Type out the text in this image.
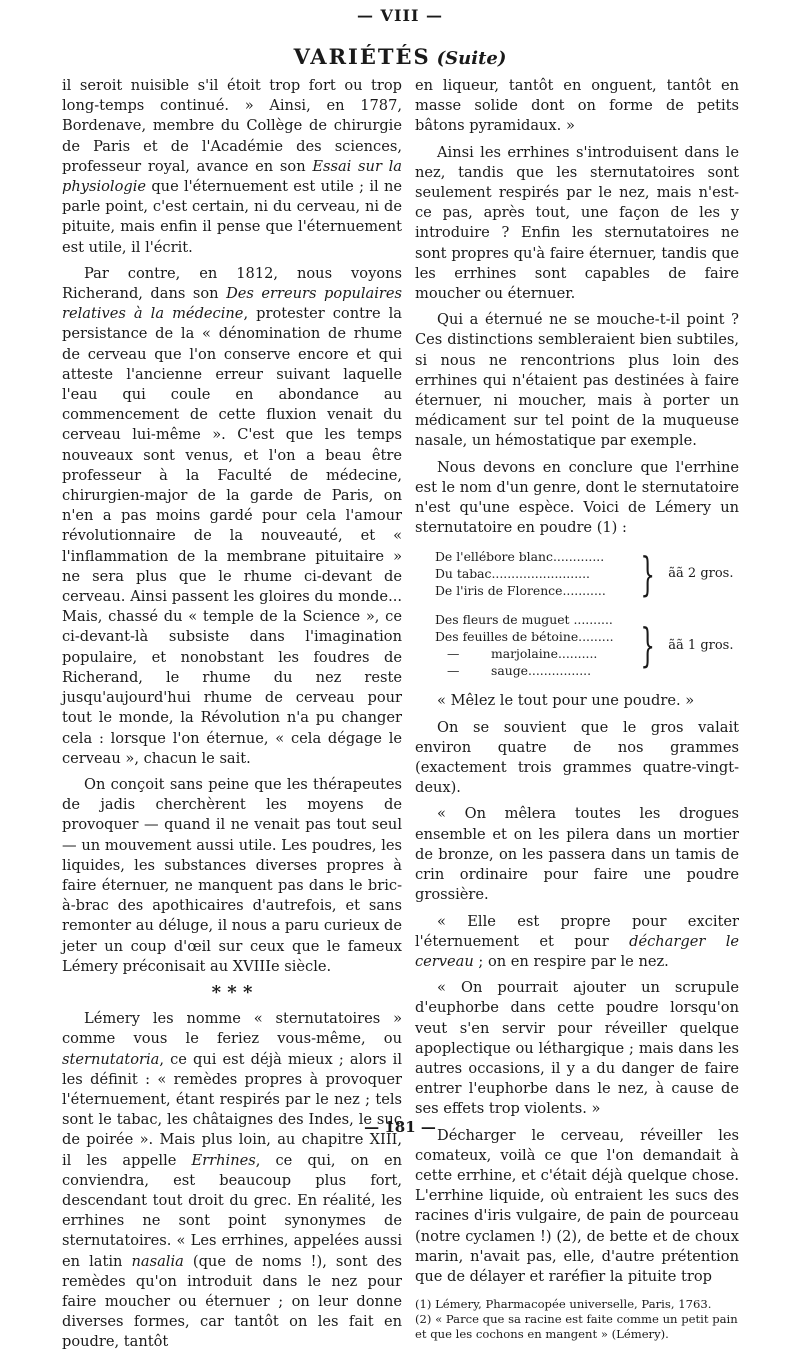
— VIII —
VARIÉTÉS (Suite)

il seroit nuisible s'il étoit trop fort ou trop long-temps continué. » Ainsi, en 1787, Bordenave, membre du Collège de chirurgie de Paris et de l'Académie des sciences, professeur royal, avance en son Essai sur la physiologie que l'éternuement est utile ; il ne parle point, c'est certain, ni du cerveau, ni de pituite, mais enfin il pense que l'éternuement est utile, il l'écrit.

Par contre, en 1812, nous voyons Richerand, dans son Des erreurs populaires relatives à la médecine, protester contre la persistance de la « dénomination de rhume de cerveau que l'on conserve encore et qui atteste l'ancienne erreur suivant laquelle l'eau qui coule en abondance au commencement de cette fluxion venait du cerveau lui-même ». C'est que les temps nouveaux sont venus, et l'on a beau être professeur à la Faculté de médecine, chirurgien-major de la garde de Paris, on n'en a pas moins gardé pour cela l'amour révolutionnaire de la nouveauté, et « l'inflammation de la membrane pituitaire » ne sera plus que le rhume ci-devant de cerveau. Ainsi passent les gloires du monde... Mais, chassé du « temple de la Science », ce ci-devant-là subsiste dans l'imagination populaire, et nonobstant les foudres de Richerand, le rhume du nez reste jusqu'aujourd'hui rhume de cerveau pour tout le monde, la Révolution n'a pu changer cela : lorsque l'on éternue, « cela dégage le cerveau », chacun le sait.

On conçoit sans peine que les thérapeutes de jadis cherchèrent les moyens de provoquer — quand il ne venait pas tout seul — un mouvement aussi utile. Les poudres, les liquides, les substances diverses propres à faire éternuer, ne manquent pas dans le bric-à-brac des apothicaires d'autrefois, et sans remonter au déluge, il nous a paru curieux de jeter un coup d'œil sur ceux que le fameux Lémery préconisait au XVIIIe siècle.

* * *

Lémery les nomme « sternutatoires » comme vous le feriez vous-même, ou sternutatoria, ce qui est déjà mieux ; alors il les définit : « remèdes propres à provoquer l'éternuement, étant respirés par le nez ; tels sont le tabac, les châtaignes des Indes, le suc de poirée ». Mais plus loin, au chapitre XIII, il les appelle Errhines, ce qui, on en conviendra, est beaucoup plus fort, descendant tout droit du grec. En réalité, les errhines ne sont point synonymes de sternutatoires. « Les errhines, appelées aussi en latin nasalia (que de noms !), sont des remèdes qu'on introduit dans le nez pour faire moucher ou éternuer ; on leur donne diverses formes, car tantôt on les fait en poudre, tantôt

en liqueur, tantôt en onguent, tantôt en masse solide dont on forme de petits bâtons pyramidaux. »

Ainsi les errhines s'introduisent dans le nez, tandis que les sternutatoires sont seulement respirés par le nez, mais n'est-ce pas, après tout, une façon de les y introduire ? Enfin les sternutatoires ne sont propres qu'à faire éternuer, tandis que les errhines sont capables de faire moucher ou éternuer.

Qui a éternué ne se mouche-t-il point ? Ces distinctions sembleraient bien subtiles, si nous ne rencontrions plus loin des errhines qui n'étaient pas destinées à faire éternuer, ni moucher, mais à porter un médicament sur tel point de la muqueuse nasale, un hémostatique par exemple.

Nous devons en conclure que l'errhine est le nom d'un genre, dont le sternutatoire n'est qu'une espèce. Voici de Lémery un sternutatoire en poudre (1) :

De l'ellébore blanc.............
Du tabac.........................
De l'iris de Florence........... } ãã 2 gros.
Des fleurs de muguet ..........
Des feuilles de bétoine.........
—	marjolaine..........
—	sauge................	} ãã 1 gros.

« Mêlez le tout pour une poudre. »

On se souvient que le gros valait environ quatre de nos grammes (exactement trois grammes quatre-vingt-deux).

« On mêlera toutes les drogues ensemble et on les pilera dans un mortier de bronze, on les passera dans un tamis de crin ordinaire pour faire une poudre grossière.

« Elle est propre pour exciter l'éternuement et pour décharger le cerveau ; on en respire par le nez.

« On pourrait ajouter un scrupule d'euphorbe dans cette poudre lorsqu'on veut s'en servir pour réveiller quelque apoplectique ou léthargique ; mais dans les autres occasions, il y a du danger de faire entrer l'euphorbe dans le nez, à cause de ses effets trop violents. »

Décharger le cerveau, réveiller les comateux, voilà ce que l'on demandait à cette errhine, et c'était déjà quelque chose. L'errhine liquide, où entraient les sucs des racines d'iris vulgaire, de pain de pourceau (notre cyclamen !) (2), de bette et de choux marin, n'avait pas, elle, d'autre prétention que de délayer et raréfier la pituite trop

(1) Lémery, Pharmacopée universelle, Paris, 1763.
(2) « Parce que sa racine est faite comme un petit pain et que les cochons en mangent » (Lémery).
— 181 —
